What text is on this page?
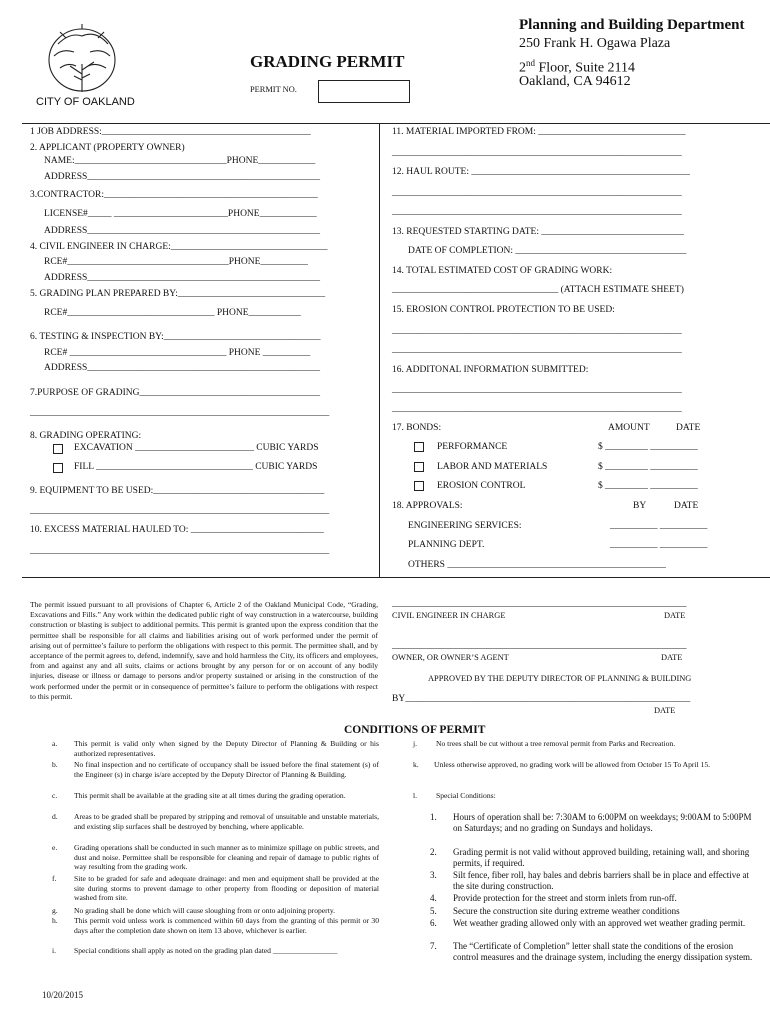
CITY OF OAKLAND
GRADING PERMIT
PERMIT NO.
Planning and Building Department
250 Frank H. Ogawa Plaza
2nd Floor, Suite 2114
Oakland, CA 94612
1 JOB ADDRESS:____________________________________________
2. APPLICANT (PROPERTY OWNER)
NAME:________________________________PHONE____________
ADDRESS_________________________________________________
3.CONTRACTOR:_____________________________________________
LICENSE#_____ ________________________PHONE____________
ADDRESS_________________________________________________
4. CIVIL ENGINEER IN CHARGE:_________________________________
RCE#__________________________________PHONE__________
ADDRESS_________________________________________________
5. GRADING PLAN PREPARED BY:_______________________________
RCE#_______________________________ PHONE___________
6. TESTING & INSPECTION BY:_________________________________
RCE# _________________________________ PHONE __________
ADDRESS_________________________________________________
7.PURPOSE OF GRADING______________________________________
_______________________________________________________________
8. GRADING OPERATING:
EXCAVATION _________________________ CUBIC YARDS
FILL _________________________________ CUBIC YARDS
9. EQUIPMENT TO BE USED:____________________________________
_______________________________________________________________
10. EXCESS MATERIAL HAULED TO: ____________________________
_______________________________________________________________
11. MATERIAL IMPORTED FROM: _______________________________
_____________________________________________________________
12. HAUL ROUTE: ______________________________________________
_____________________________________________________________
_____________________________________________________________
13. REQUESTED STARTING DATE: ______________________________
DATE OF COMPLETION: ____________________________________
14. TOTAL ESTIMATED COST OF GRADING WORK:
___________________________________ (ATTACH ESTIMATE SHEET)
15. EROSION CONTROL PROTECTION TO BE USED:
_____________________________________________________________
_____________________________________________________________
16. ADDITONAL INFORMATION SUBMITTED:
_____________________________________________________________
_____________________________________________________________
17. BONDS:	AMOUNT	DATE
PERFORMANCE	$ _________ __________
LABOR AND MATERIALS	$ _________ __________
EROSION CONTROL	$ _________ __________
18. APPROVALS:	BY	DATE
ENGINEERING SERVICES:	__________ __________
PLANNING DEPT.	__________ __________
OTHERS ______________________________________________
The permit issued pursuant to all provisions of Chapter 6, Article 2 of the Oakland Municipal Code, “Grading, Excavations and Fills.” Any work within the dedicated public right of way construction in a watercourse, building construction or blasting is subject to additional permits. This permit is granted upon the express condition that the permittee shall be responsible for all claims and liabilities arising out of work performed under the permit of arising out of permittee’s failure to perform the obligations with respect to this permit. The permittee shall, and by acceptance of the permit agrees to, defend, indemnify, save and hold harmless the City, its officers and employees, from and against any and all suits, claims or actions brought by any person for or on account of any bodily injuries, disease or illness or damage to persons and/or property sustained or arising in the construction of the work performed under the permit or in consequence of permittee’s failure to perform the obligations with respect to this permit.
______________________________________________________________
CIVIL ENGINEER IN CHARGE	DATE
______________________________________________________________
OWNER, OR OWNER’S AGENT	DATE
APPROVED BY THE DEPUTY DIRECTOR OF PLANNING & BUILDING
BY____________________________________________________________
DATE
CONDITIONS OF PERMIT
a. This permit is valid only when signed by the Deputy Director of Planning & Building or his authorized representatives.
b. No final inspection and no certificate of occupancy shall be issued before the final statement (s) of the Engineer (s) in charge is/are accepted by the Deputy Director of Planning & Building.
c. This permit shall be available at the grading site at all times during the grading operation.
d. Areas to be graded shall be prepared by stripping and removal of unsuitable and unstable materials, and existing slip surfaces shall be destroyed by benching, where applicable.
e. Grading operations shall be conducted in such manner as to minimize spillage on public streets, and dust and noise. Permittee shall be responsible for cleaning and repair of damage to public rights of way resulting from the grading work.
f. Site to be graded for safe and adequate drainage: and men and equipment shall be provided at the site during storms to prevent damage to other property from flooding or deposition of material washed from site.
g. No grading shall be done which will cause sloughing from or onto adjoining property.
h. This permit void unless work is commenced within 60 days from the granting of this permit or 30 days after the completion date shown on item 13 above, whichever is earlier.
i. Special conditions shall apply as noted on the grading plan dated _________________
j. No trees shall be cut without a tree removal permit from Parks and Recreation.
k. Unless otherwise approved, no grading work will be allowed from October 15 To April 15.
l. Special Conditions:
1. Hours of operation shall be: 7:30AM to 6:00PM on weekdays; 9:00AM to 5:00PM on Saturdays; and no grading on Sundays and holidays.
2. Grading permit is not valid without approved building, retaining wall, and shoring permits, if required.
3. Silt fence, fiber roll, hay bales and debris barriers shall be in place and effective at the site during construction.
4. Provide protection for the street and storm inlets from run-off.
5. Secure the construction site during extreme weather conditions
6. Wet weather grading allowed only with an approved wet weather grading permit.
7. The “Certificate of Completion” letter shall state the conditions of the erosion control measures and the drainage system, including the energy dissipation system.
10/20/2015
